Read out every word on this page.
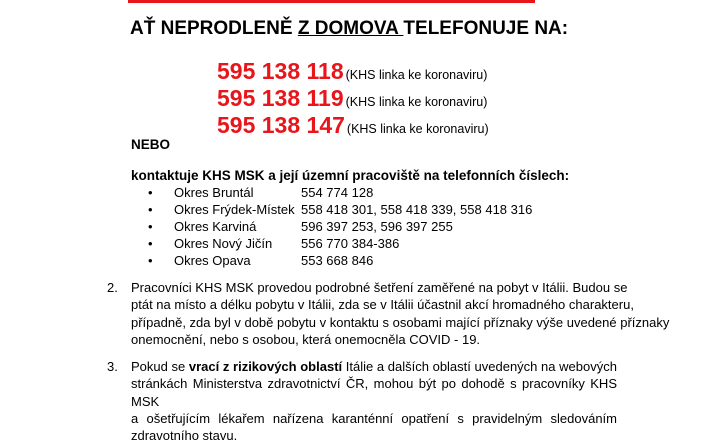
AŤ NEPRODLENĚ Z DOMOVA TELEFONUJE NA:
595 138 118 (KHS linka ke koronaviru)
595 138 119 (KHS linka ke koronaviru)
595 138 147 (KHS linka ke koronaviru)
NEBO
kontaktuje KHS MSK a její územní pracoviště na telefonních číslech:
• Okres Bruntál	554 774 128
• Okres Frýdek-Místek 558 418 301, 558 418 339, 558 418 316
• Okres Karviná	596 397 253, 596 397 255
• Okres Nový Jičín 556 770 384-386
• Okres Opava	553 668 846
2. Pracovníci KHS MSK provedou podrobné šetření zaměřené na pobyt v Itálii. Budou se
ptát na místo a délku pobytu v Itálii, zda se v Itálii účastnil akcí hromadného charakteru,
případně, zda byl v době pobytu v kontaktu s osobami mající příznaky výše uvedené příznaky
onemocnění, nebo s osobou, která onemocněla COVID - 19.
3. Pokud se vrací z rizikových oblastí Itálie a dalších oblastí uvedených na webových
stránkách Ministerstva zdravotnictví ČR, mohou být po dohodě s pracovníky KHS MSK
a ošetřujícím lékařem nařízena karanténní opatření s pravidelným sledováním
zdravotního stavu.
